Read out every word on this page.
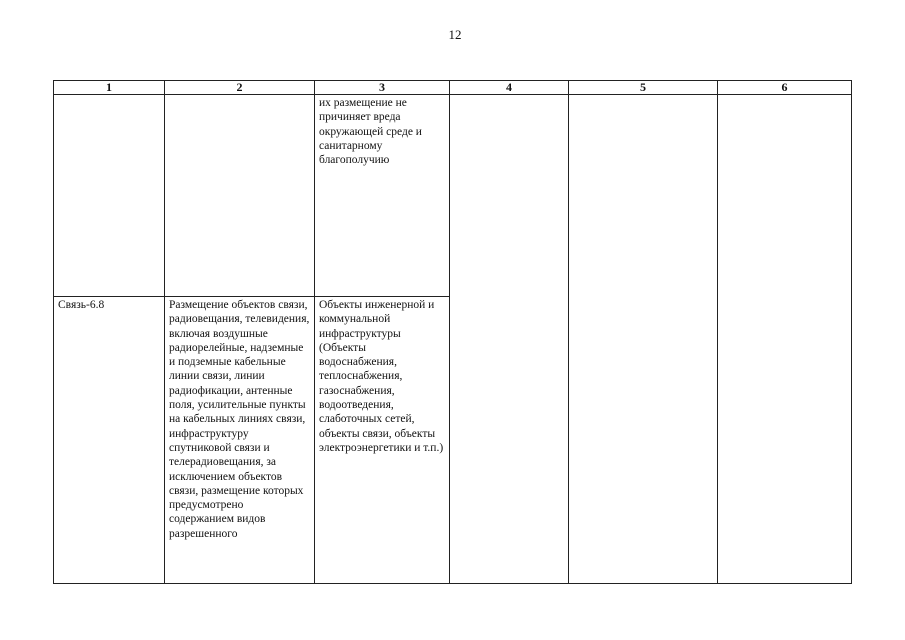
12
1	2	3	4	5	6

		их размещение не причиняет вреда окружающей среде и санитарному благополучию			

Связь-6.8	Размещение объектов связи, радиовещания, телевидения, включая воздушные радиорелейные, надземные и подземные кабельные линии связи, линии радиофикации, антенные поля, усилительные пункты на кабельных линиях связи, инфраструктуру спутниковой связи и телерадиовещания, за исключением объектов связи, размещение которых предусмотрено содержанием видов разрешенного	Объекты инженерной и коммунальной инфраструктуры (Объекты водоснабжения, теплоснабжения, газоснабжения, водоотведения, слаботочных сетей, объекты связи, объекты электроэнергетики и т.п.)			
